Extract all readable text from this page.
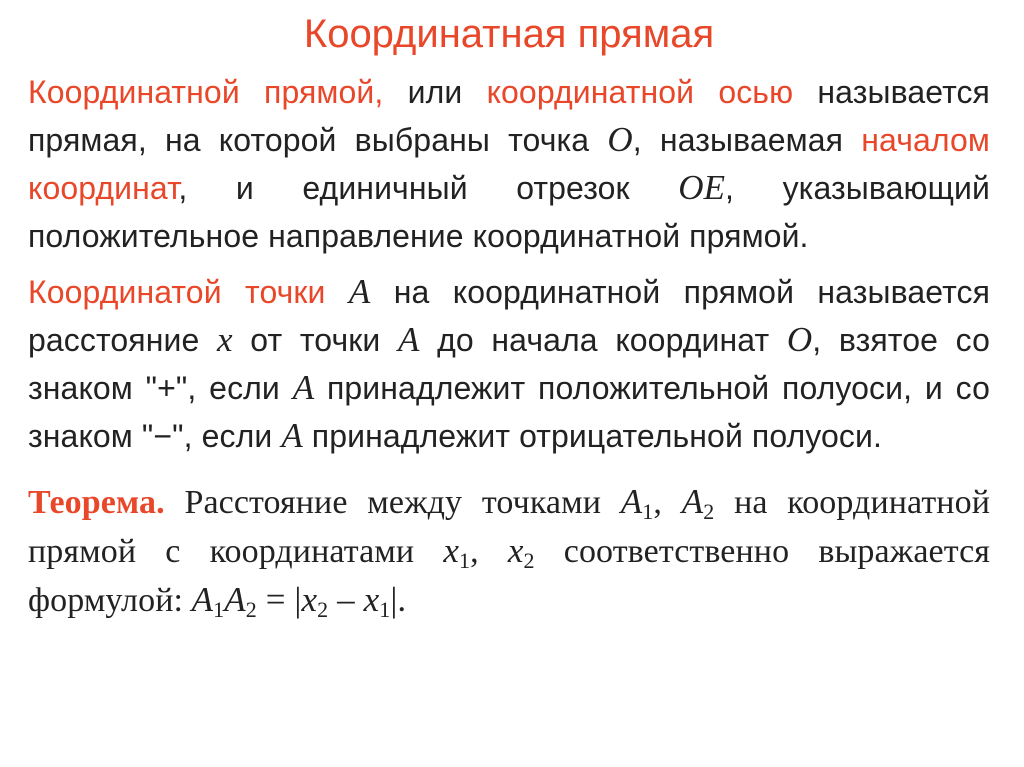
Координатная прямая

Координатной прямой, или координатной осью называется прямая, на которой выбраны точка O, называемая началом координат, и единичный отрезок OE, указывающий положительное направление координатной прямой.

Координатой точки A на координатной прямой называется расстояние x от точки A до начала координат O, взятое со знаком "+", если A принадлежит положительной полуоси, и со знаком "−", если A принадлежит отрицательной полуоси.

Теорема. Расстояние между точками $A_1$, $A_2$ на координатной прямой с координатами $x_1$, $x_2$ соответственно выражается формулой: $A_1A_2 = |x_2 - x_1|$.
